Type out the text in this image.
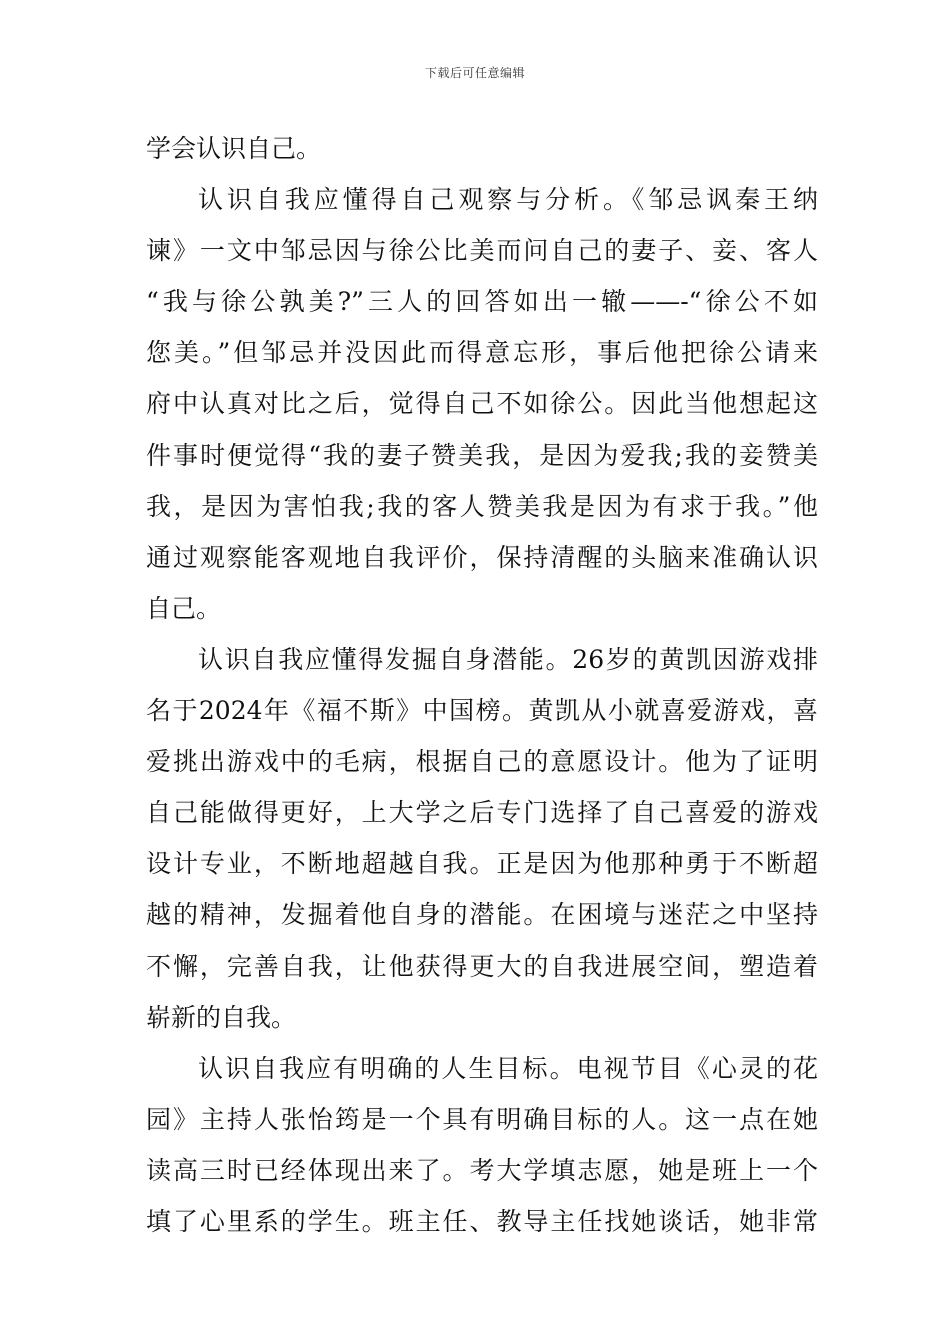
下载后可任意编辑
学会认识自己。
认识自我应懂得自己观察与分析。《邹忌讽秦王纳
谏》一文中邹忌因与徐公比美而问自己的妻子、妾、客人
“我与徐公孰美?”三人的回答如出一辙——-“徐公不如
您美。”但邹忌并没因此而得意忘形，事后他把徐公请来
府中认真对比之后，觉得自己不如徐公。因此当他想起这
件事时便觉得“我的妻子赞美我，是因为爱我;我的妾赞美
我，是因为害怕我;我的客人赞美我是因为有求于我。”他
通过观察能客观地自我评价，保持清醒的头脑来准确认识
自己。
认识自我应懂得发掘自身潜能。26岁的黄凯因游戏排
名于2024年《福不斯》中国榜。黄凯从小就喜爱游戏，喜
爱挑出游戏中的毛病，根据自己的意愿设计。他为了证明
自己能做得更好，上大学之后专门选择了自己喜爱的游戏
设计专业，不断地超越自我。正是因为他那种勇于不断超
越的精神，发掘着他自身的潜能。在困境与迷茫之中坚持
不懈，完善自我，让他获得更大的自我进展空间，塑造着
崭新的自我。
认识自我应有明确的人生目标。电视节目《心灵的花
园》主持人张怡筠是一个具有明确目标的人。这一点在她
读高三时已经体现出来了。考大学填志愿，她是班上一个
填了心里系的学生。班主任、教导主任找她谈话，她非常
